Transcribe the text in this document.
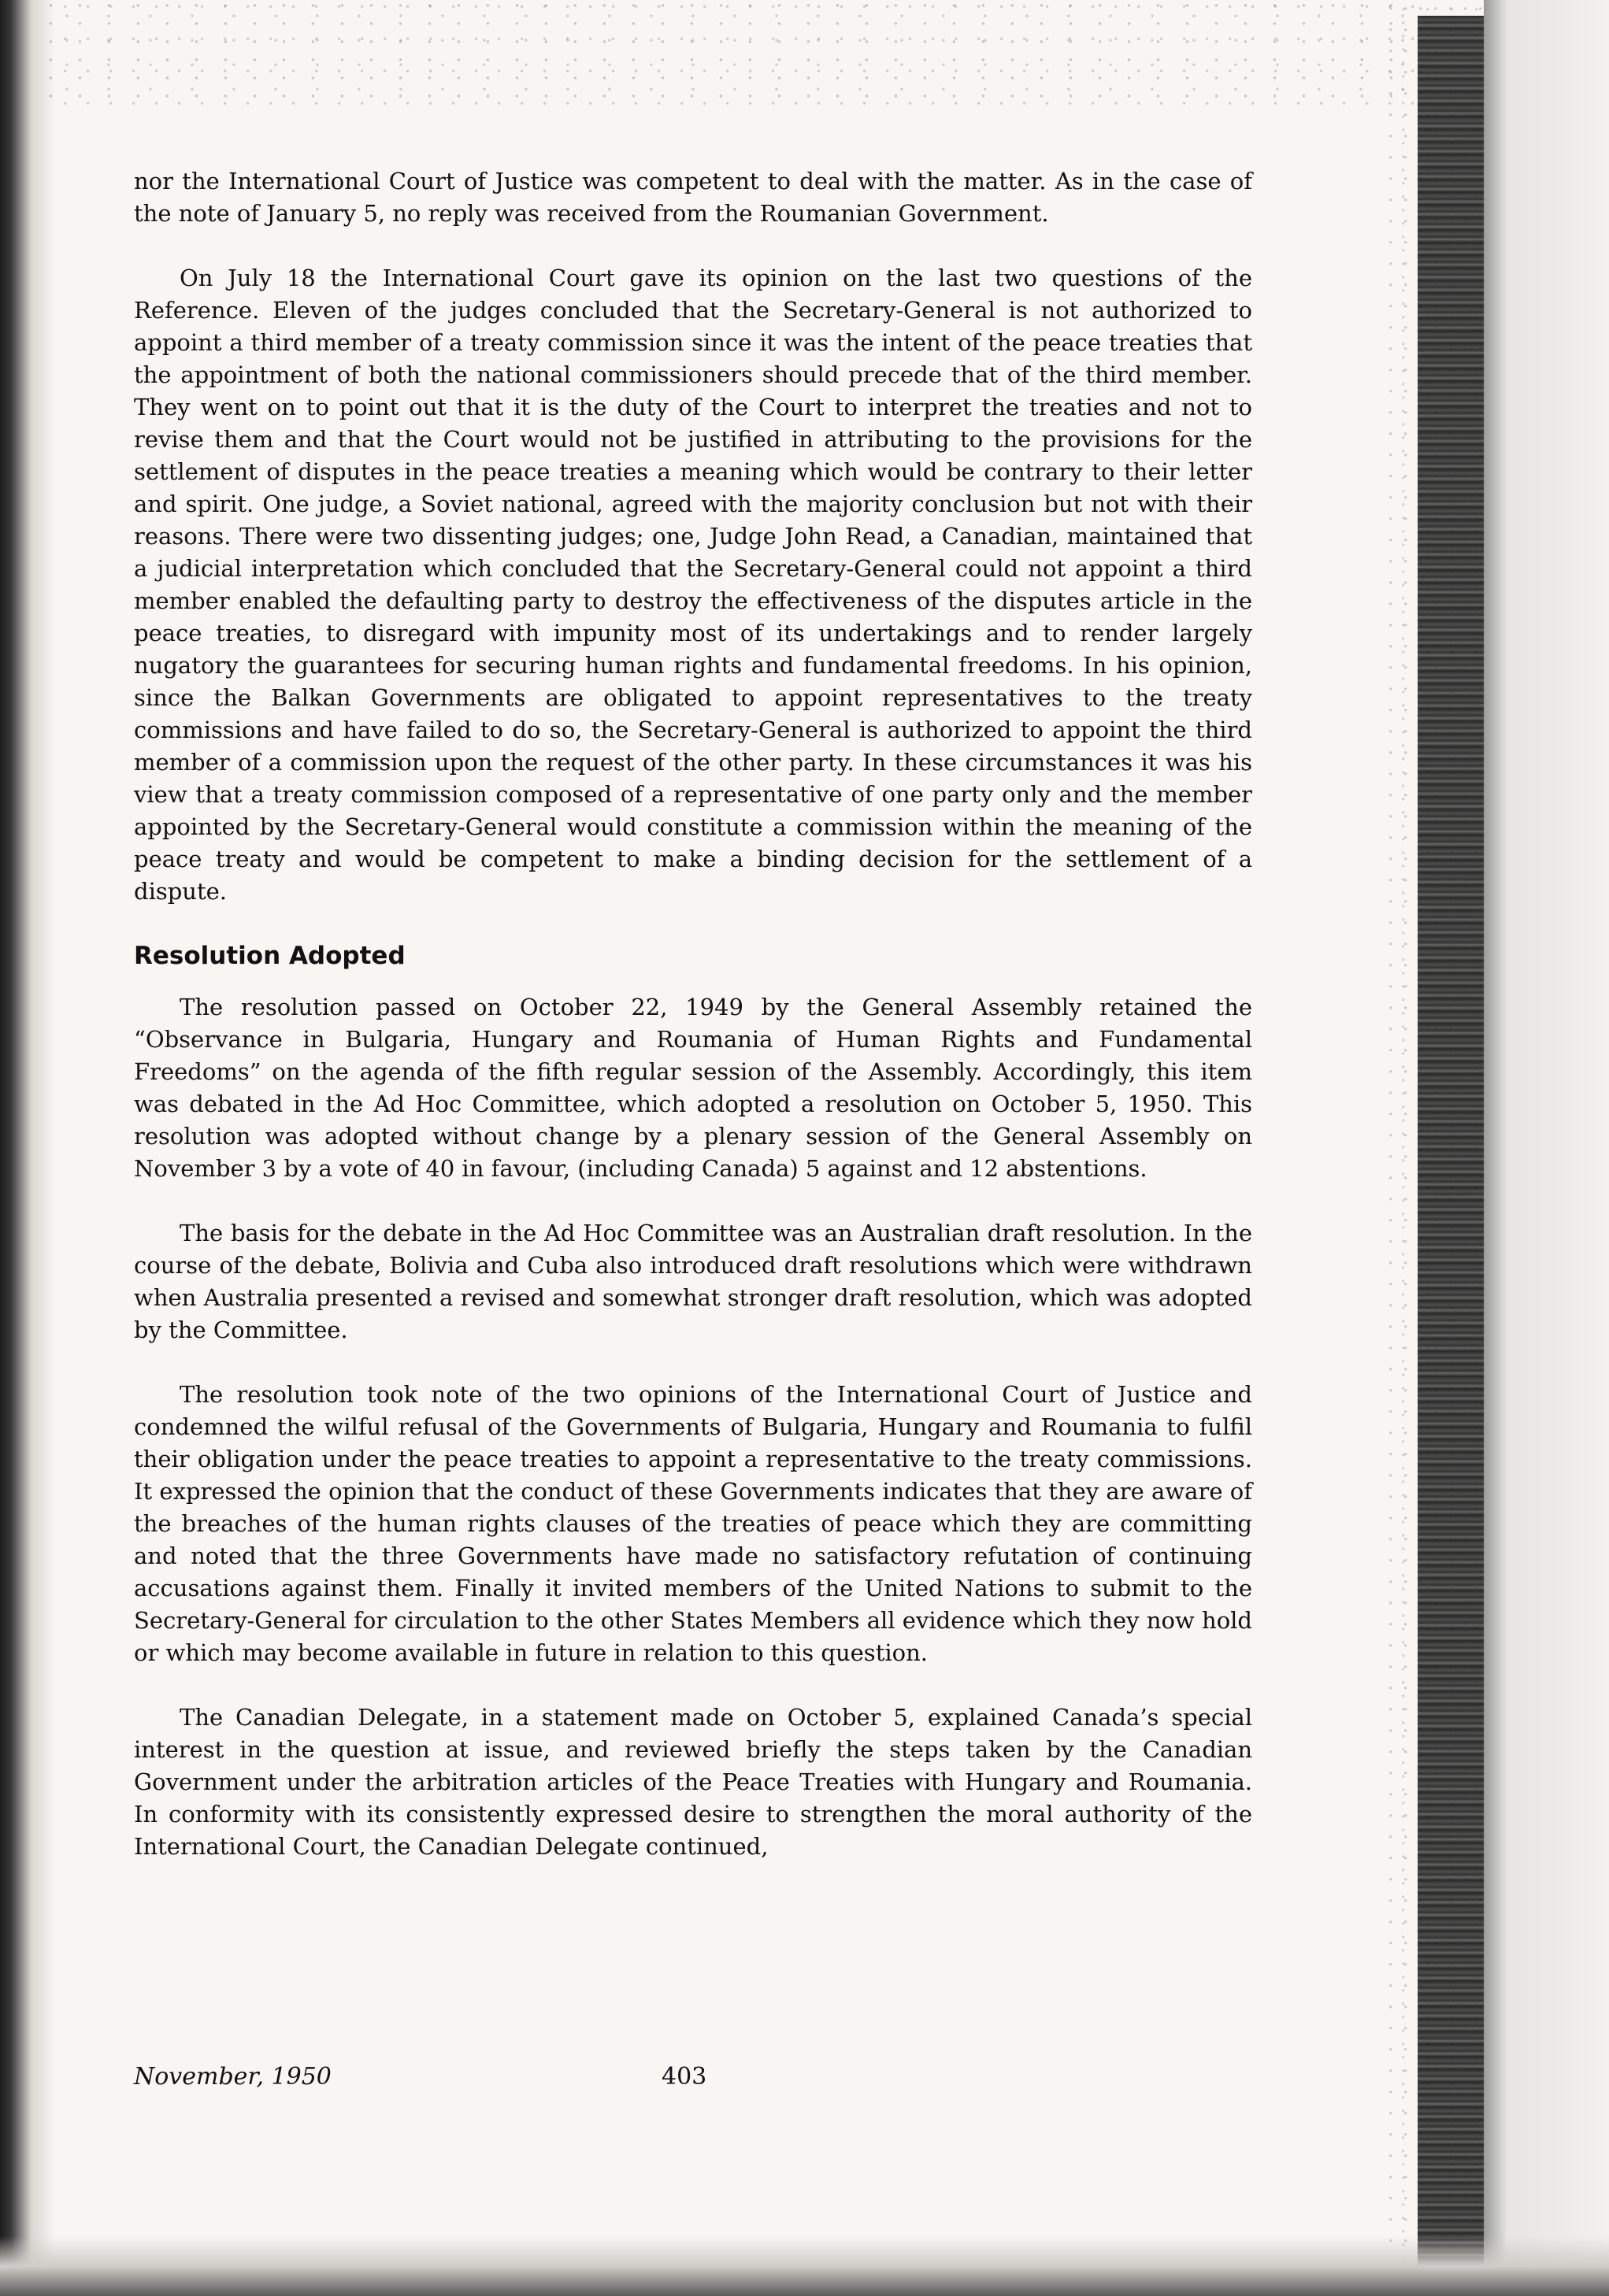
nor the International Court of Justice was competent to deal with the matter. As in the case of the note of January 5, no reply was received from the Roumanian Government.

On July 18 the International Court gave its opinion on the last two questions of the Reference. Eleven of the judges concluded that the Secretary-General is not authorized to appoint a third member of a treaty commission since it was the intent of the peace treaties that the appointment of both the national commissioners should precede that of the third member. They went on to point out that it is the duty of the Court to interpret the treaties and not to revise them and that the Court would not be justified in attributing to the provisions for the settlement of disputes in the peace treaties a meaning which would be contrary to their letter and spirit. One judge, a Soviet national, agreed with the majority conclusion but not with their reasons. There were two dissenting judges; one, Judge John Read, a Canadian, maintained that a judicial interpretation which concluded that the Secretary-General could not appoint a third member enabled the defaulting party to destroy the effectiveness of the disputes article in the peace treaties, to disregard with impunity most of its undertakings and to render largely nugatory the guarantees for securing human rights and fundamental freedoms. In his opinion, since the Balkan Governments are obligated to appoint representatives to the treaty commissions and have failed to do so, the Secretary-General is authorized to appoint the third member of a commission upon the request of the other party. In these circumstances it was his view that a treaty commission composed of a representative of one party only and the member appointed by the Secretary-General would constitute a commission within the meaning of the peace treaty and would be competent to make a binding decision for the settlement of a dispute.

Resolution Adopted

The resolution passed on October 22, 1949 by the General Assembly retained the “Observance in Bulgaria, Hungary and Roumania of Human Rights and Fundamental Freedoms” on the agenda of the fifth regular session of the Assembly. Accordingly, this item was debated in the Ad Hoc Committee, which adopted a resolution on October 5, 1950. This resolution was adopted without change by a plenary session of the General Assembly on November 3 by a vote of 40 in favour, (including Canada) 5 against and 12 abstentions.

The basis for the debate in the Ad Hoc Committee was an Australian draft resolution. In the course of the debate, Bolivia and Cuba also introduced draft resolutions which were withdrawn when Australia presented a revised and somewhat stronger draft resolution, which was adopted by the Committee.

The resolution took note of the two opinions of the International Court of Justice and condemned the wilful refusal of the Governments of Bulgaria, Hungary and Roumania to fulfil their obligation under the peace treaties to appoint a representative to the treaty commissions. It expressed the opinion that the conduct of these Governments indicates that they are aware of the breaches of the human rights clauses of the treaties of peace which they are committing and noted that the three Governments have made no satisfactory refutation of continuing accusations against them. Finally it invited members of the United Nations to submit to the Secretary-General for circulation to the other States Members all evidence which they now hold or which may become available in future in relation to this question.

The Canadian Delegate, in a statement made on October 5, explained Canada’s special interest in the question at issue, and reviewed briefly the steps taken by the Canadian Government under the arbitration articles of the Peace Treaties with Hungary and Roumania. In conformity with its consistently expressed desire to strengthen the moral authority of the International Court, the Canadian Delegate continued,

November, 1950	403
